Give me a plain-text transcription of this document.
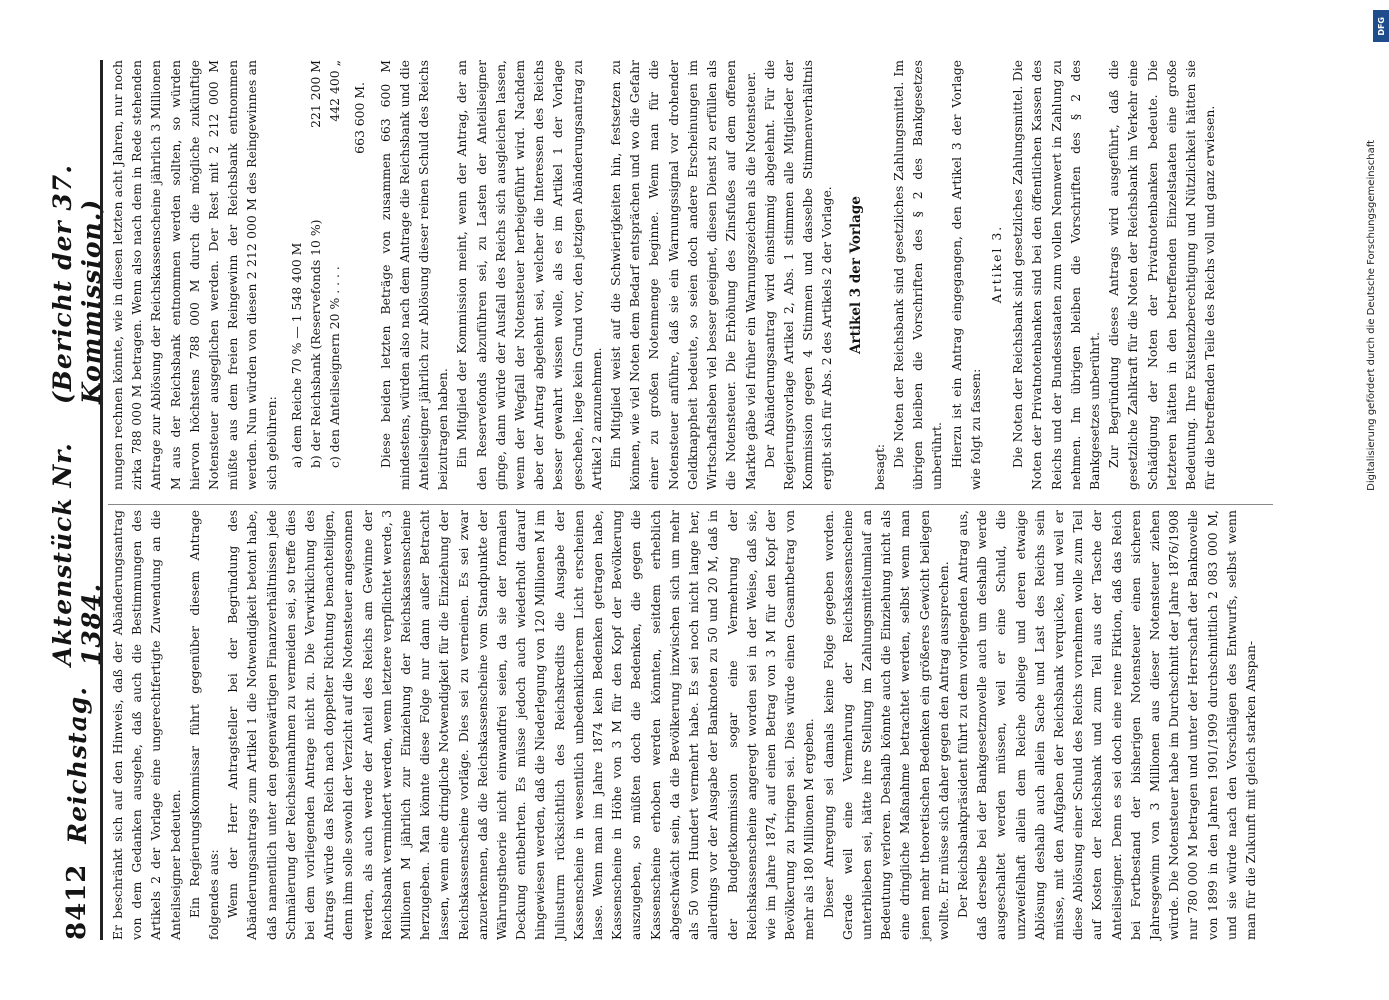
8412
Reichstag.
Aktenstück Nr. 1384.
(Bericht der 37. Kommission.)

Er beschränkt sich auf den Hinweis, daß der Abänderungsantrag von dem Gedanken ausgehe, daß auch die Bestimmungen des Artikels 2 der Vorlage eine ungerechtfertigte Zuwendung an die Anteilseigner bedeuten. Ein Regierungskommissar führt gegenüber diesem Antrage folgendes aus: Wenn der Herr Antragsteller bei der Begründung des Abänderungsantrags zum Artikel 1 die Notwendigkeit betont habe, daß namentlich unter den gegenwärtigen Finanzverhältnissen jede Schmälerung der Reichseinnahmen zu vermeiden sei, so treffe dies bei dem vorliegenden Antrage nicht zu. Die Verwirklichung des Antrags würde das Reich nach doppelter Richtung benachteiligen, denn ihm solle sowohl der Verzicht auf die Notensteuer angesonnen werden, als auch werde der Anteil des Reichs am Gewinne der Reichsbank vermindert werden, wenn letztere verpflichtet werde, 3 Millionen M jährlich zur Einziehung der Reichskassenscheine herzugeben. Man könnte diese Folge nur dann außer Betracht lassen, wenn eine dringliche Notwendigkeit für die Einziehung der Reichskassenscheine vorläge. Dies sei zu verneinen. Es sei zwar anzuerkennen, daß die Reichskassenscheine vom Standpunkte der Währungstheorie nicht einwandfrei seien, da sie der formalen Deckung entbehrten. Es müsse jedoch auch wiederholt darauf hingewiesen werden, daß die Niederlegung von 120 Millionen M im Juliusturm rücksichtlich des Reichskredits die Ausgabe der Kassenscheine in wesentlich unbedenklicherem Licht erscheinen lasse. Wenn man im Jahre 1874 kein Bedenken getragen habe, Kassenscheine in Höhe von 3 M für den Kopf der Bevölkerung auszugeben, so müßten doch die Bedenken, die gegen die Kassenscheine erhoben werden könnten, seitdem erheblich abgeschwächt sein, da die Bevölkerung inzwischen sich um mehr als 50 vom Hundert vermehrt habe. Es sei noch nicht lange her, allerdings vor der Ausgabe der Banknoten zu 50 und 20 M, daß in der Budgetkommission sogar eine Vermehrung der Reichskassenscheine angeregt worden sei in der Weise, daß sie, wie im Jahre 1874, auf einen Betrag von 3 M für den Kopf der Bevölkerung zu bringen sei. Dies würde einen Gesamtbetrag von mehr als 180 Millionen M ergeben. Dieser Anregung sei damals keine Folge gegeben worden. Gerade weil eine Vermehrung der Reichskassenscheine unterblieben sei, hätte ihre Stellung im Zahlungsmittelumlauf an Bedeutung verloren. Deshalb könnte auch die Einziehung nicht als eine dringliche Maßnahme betrachtet werden, selbst wenn man jenen mehr theoretischen Bedenken ein größeres Gewicht beilegen wollte. Er müsse sich daher gegen den Antrag aussprechen. Der Reichsbankpräsident führt zu dem vorliegenden Antrag aus, daß derselbe bei der Bankgesetznovelle auch um deshalb werde ausgeschaltet werden müssen, weil er eine Schuld, die unzweifelhaft allein dem Reiche obliege und deren etwaige Ablösung deshalb auch allein Sache und Last des Reichs sein müsse, mit den Aufgaben der Reichsbank verquicke, und weil er diese Ablösung einer Schuld des Reichs vornehmen wolle zum Teil auf Kosten der Reichsbank und zum Teil aus der Tasche der Anteilseigner. Denn es sei doch eine reine Fiktion, daß das Reich bei Fortbestand der bisherigen Notensteuer einen sicheren Jahresgewinn von 3 Millionen aus dieser Notensteuer ziehen würde. Die Notensteuer habe im Durchschnitt der Jahre 1876/1908 nur 780 000 M betragen und unter der Herrschaft der Banknovelle von 1899 in den Jahren 1901/1909 durchschnittlich 2 083 000 M, und sie würde nach den Vorschlägen des Entwurfs, selbst wenn man für die Zukunft mit gleich starken Anspan-

nungen rechnen könnte, wie in diesen letzten acht Jahren, nur noch zirka 788 000 M betragen. Wenn also nach dem in Rede stehenden Antrage zur Ablösung der Reichskassenscheine jährlich 3 Millionen M aus der Reichsbank entnommen werden sollten, so würden hiervon höchstens 788 000 M durch die mögliche zukünftige Notensteuer ausgeglichen werden. Der Rest mit 2 212 000 M müßte aus dem freien Reingewinn der Reichsbank entnommen werden. Nun würden von diesen 2 212 000 M des Reingewinnes an sich gebühren: a) dem Reiche 70 % — 1 548 400 M b) der Reichsbank (Reservefonds 10 %)
221 200 M
c) den Anteilseignern 20 % . . . .
442 400 „ 663 600 M. Diese beiden letzten Beträge von zusammen 663 600 M mindestens, würden also nach dem Antrage die Reichsbank und die Anteilseigner jährlich zur Ablösung dieser reinen Schuld des Reichs beizutragen haben. Ein Mitglied der Kommission meint, wenn der Antrag, der an den Reservefonds abzuführen sei, zu Lasten der Anteilseigner ginge, dann würde der Ausfall des Reichs sich ausgleichen lassen, wenn der Wegfall der Notensteuer herbeigeführt wird. Nachdem aber der Antrag abgelehnt sei, welcher die Interessen des Reichs besser gewahrt wissen wolle, als es im Artikel 1 der Vorlage geschehe, liege kein Grund vor, den jetzigen Abänderungsantrag zu Artikel 2 anzunehmen. Ein Mitglied weist auf die Schwierigkeiten hin, festsetzen zu können, wie viel Noten dem Bedarf entsprächen und wo die Gefahr einer zu großen Notenmenge beginne. Wenn man für die Notensteuer anführe, daß sie ein Warnungssignal vor drohender Geldknappheit bedeute, so seien doch andere Erscheinungen im Wirtschaftsleben viel besser geeignet, diesen Dienst zu erfüllen als die Notensteuer. Die Erhöhung des Zinsfußes auf dem offenen Markte gäbe viel früher ein Warnungszeichen als die Notensteuer. Der Abänderungsantrag wird einstimmig abgelehnt. Für die Regierungsvorlage Artikel 2, Abs. 1 stimmen alle Mitglieder der Kommission gegen 4 Stimmen und dasselbe Stimmenverhältnis ergibt sich für Abs. 2 des Artikels 2 der Vorlage. Artikel 3 der Vorlage

besagt: Die Noten der Reichsbank sind gesetzliches Zahlungsmittel. Im übrigen bleiben die Vorschriften des § 2 des Bankgesetzes unberührt. Hierzu ist ein Antrag eingegangen, den Artikel 3 der Vorlage wie folgt zu fassen:

Artikel 3. Die Noten der Reichsbank sind gesetzliches Zahlungsmittel. Die Noten der Privatnotenbanken sind bei den öffentlichen Kassen des Reichs und der Bundesstaaten zum vollen Nennwert in Zahlung zu nehmen. Im übrigen bleiben die Vorschriften des § 2 des Bankgesetzes unberührt. Zur Begründung dieses Antrags wird ausgeführt, daß die gesetzliche Zahlkraft für die Noten der Reichsbank im Verkehr eine Schädigung der Noten der Privatnotenbanken bedeute. Die letzteren hätten in den betreffenden Einzelstaaten eine große Bedeutung. Ihre Existenzberechtigung und Nützlichkeit hätten sie für die betreffenden Teile des Reichs voll und ganz erwiesen.	Digitalisierung gefördert durch die Deutsche Forschungsgemeinschaft
DFG
